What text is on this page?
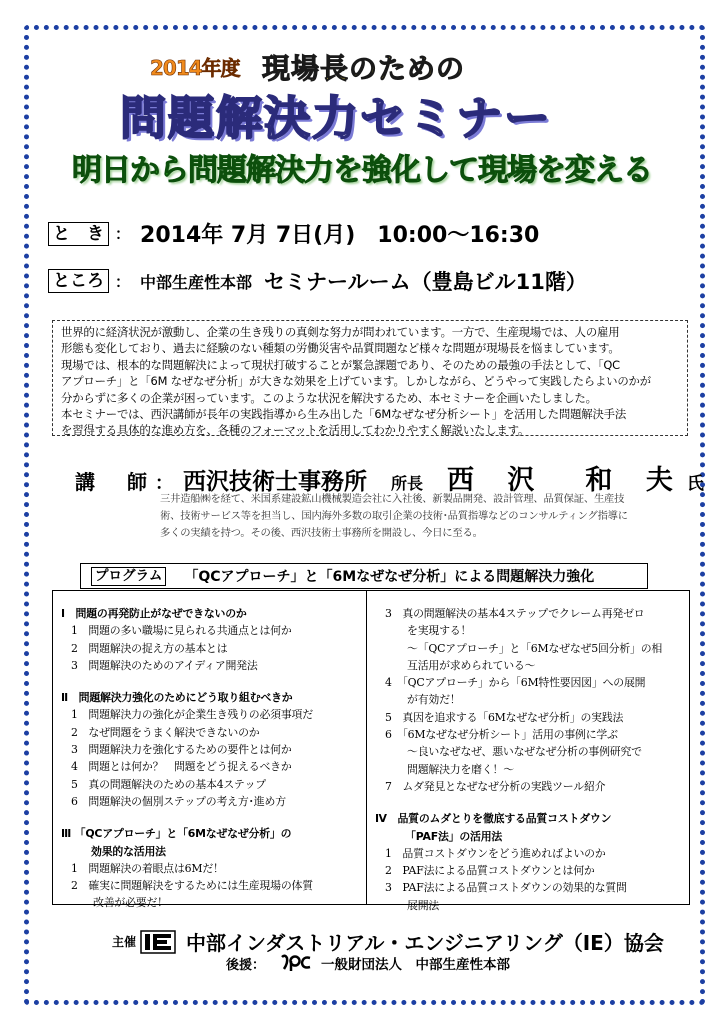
2014年度 現場長のための
問題解決力セミナー
明日から問題解決力を強化して現場を変える
と　き ： 2014年 7月 7日(月)　10:00〜16:30
ところ ： 中部生産性本部 セミナールーム（豊島ビル11階）
世界的に経済状況が激動し、企業の生き残りの真剣な努力が問われています。一方で、生産現場では、人の雇用
形態も変化しており、過去に経験のない種類の労働災害や品質問題など様々な問題が現場長を悩ましています。
現場では、根本的な問題解決によって現状打破することが緊急課題であり、そのための最強の手法として、「QC
アプローチ」と「6M なぜなぜ分析」が大きな効果を上げています。しかしながら、どうやって実践したらよいのかが
分からずに多くの企業が困っています。このような状況を解決するため、本セミナーを企画いたしました。
本セミナーでは、西沢講師が長年の実践指導から生み出した「6Mなぜなぜ分析シート」を活用した問題解決手法
を習得する具体的な進め方を、各種のフォーマットを活用してわかりやすく解説いたします。
講　師 ： 西沢技術士事務所 所長 西 沢　和 夫 氏
三井造船㈱を経て、米国系建設鉱山機械製造会社に入社後、新製品開発、設計管理、品質保証、生産技
術、技術サービス等を担当し、国内海外多数の取引企業の技術･品質指導などのコンサルティング指導に
多くの実績を持つ。その後、西沢技術士事務所を開設し、今日に至る。
プログラム 「QCアプローチ」と「6Mなぜなぜ分析」による問題解決力強化
Ⅰ　問題の再発防止がなぜできないのか
1　問題の多い職場に見られる共通点とは何か
2　問題解決の捉え方の基本とは
3　問題解決のためのアイディア開発法
Ⅱ　問題解決力強化のためにどう取り組むべきか
1　問題解決力の強化が企業生き残りの必須事項だ
2　なぜ問題をうまく解決できないのか
3　問題解決力を強化するための要件とは何か
4　問題とは何か？　問題をどう捉えるべきか
5　真の問題解決のための基本4ステップ
6　問題解決の個別ステップの考え方･進め方
Ⅲ 「QCアプローチ」と「6Mなぜなぜ分析」の
効果的な活用法
1　問題解決の着眼点は6Mだ！
2　確実に問題解決をするためには生産現場の体質
改善が必要だ！
3　真の問題解決の基本4ステップでクレーム再発ゼロ
を実現する！
〜「QCアプローチ」と「6Mなぜなぜ5回分析」の相
互活用が求められている〜
4　「QCアプローチ」から「6M特性要因図」への展開
が有効だ！
5　真因を追求する「6Mなぜなぜ分析」の実践法
6　「6Mなぜなぜ分析シート」活用の事例に学ぶ
〜良いなぜなぜ、悪いなぜなぜ分析の事例研究で
問題解決力を磨く！〜
7　ムダ発見となぜなぜ分析の実践ツール紹介
Ⅳ　品質のムダとりを徹底する品質コストダウン
「PAF法」の活用法
1　品質コストダウンをどう進めればよいのか
2　PAF法による品質コストダウンとは何か
3　PAF法による品質コストダウンの効果的な質問
展開法
主催	中部インダストリアル・エンジニアリング（IE）協会
後援：	一般財団法人　中部生産性本部
